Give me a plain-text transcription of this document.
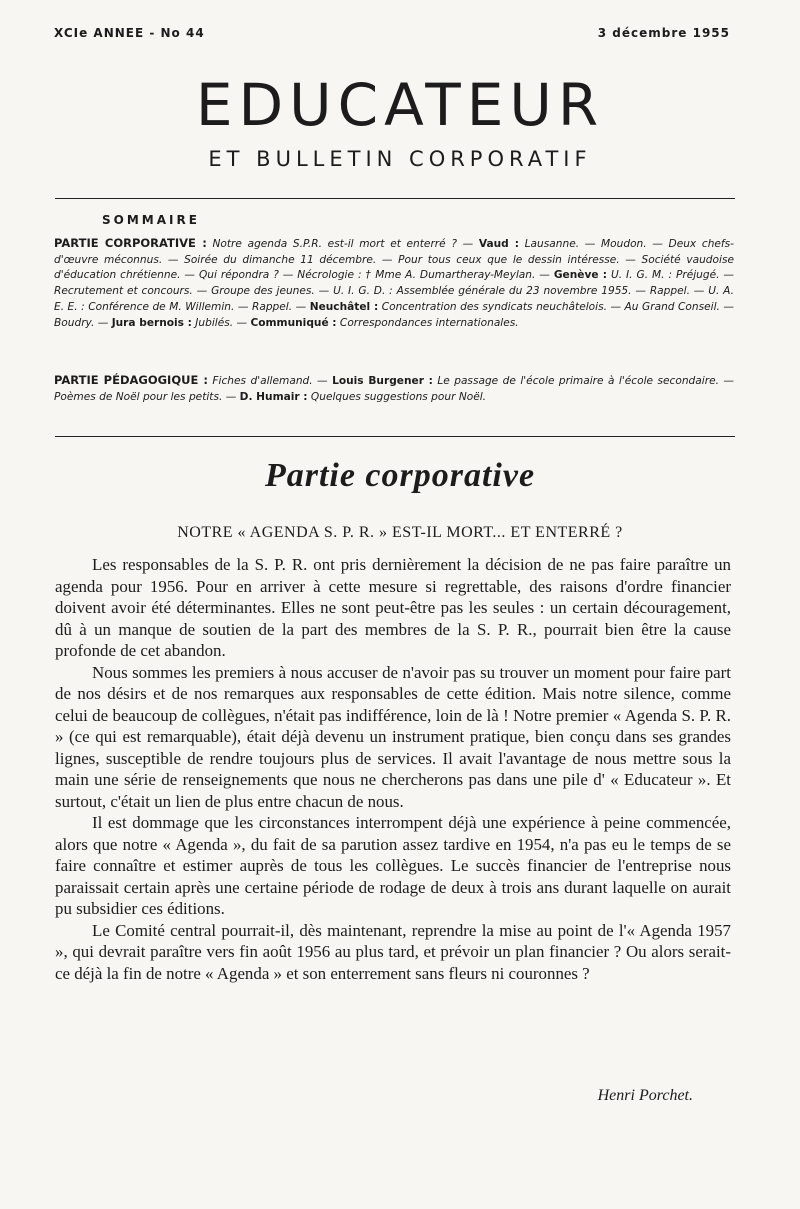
XCIe ANNEE - No 44	3 décembre 1955
EDUCATEUR
ET BULLETIN CORPORATIF
SOMMAIRE
PARTIE CORPORATIVE : Notre agenda S.P.R. est-il mort et enterré ? — Vaud : Lausanne. — Moudon. — Deux chefs-d'œuvre méconnus. — Soirée du dimanche 11 décembre. — Pour tous ceux que le dessin intéresse. — Société vaudoise d'éducation chrétienne. — Qui répondra ? — Nécrologie : † Mme A. Dumartheray-Meylan. — Genève : U. I. G. M. : Préjugé. — Recrutement et concours. — Groupe des jeunes. — U. I. G. D. : Assemblée générale du 23 novembre 1955. — Rappel. — U. A. E. E. : Conférence de M. Willemin. — Rappel. — Neuchâtel : Concentration des syndicats neuchâtelois. — Au Grand Conseil. — Boudry. — Jura bernois : Jubilés. — Communiqué : Correspondances internationales.
PARTIE PÉDAGOGIQUE : Fiches d'allemand. — Louis Burgener : Le passage de l'école primaire à l'école secondaire. — Poèmes de Noël pour les petits. — D. Humair : Quelques suggestions pour Noël.
Partie corporative
NOTRE « AGENDA S. P. R. » EST-IL MORT... ET ENTERRÉ ?

Les responsables de la S. P. R. ont pris dernièrement la décision de ne pas faire paraître un agenda pour 1956. Pour en arriver à cette mesure si regrettable, des raisons d'ordre financier doivent avoir été déterminantes. Elles ne sont peut-être pas les seules : un certain découragement, dû à un manque de soutien de la part des membres de la S. P. R., pourrait bien être la cause profonde de cet abandon.

Nous sommes les premiers à nous accuser de n'avoir pas su trouver un moment pour faire part de nos désirs et de nos remarques aux responsables de cette édition. Mais notre silence, comme celui de beaucoup de collègues, n'était pas indifférence, loin de là ! Notre premier « Agenda S. P. R. » (ce qui est remarquable), était déjà devenu un instrument pratique, bien conçu dans ses grandes lignes, susceptible de rendre toujours plus de services. Il avait l'avantage de nous mettre sous la main une série de renseignements que nous ne chercherons pas dans une pile d' « Educateur ». Et surtout, c'était un lien de plus entre chacun de nous.

Il est dommage que les circonstances interrompent déjà une expérience à peine commencée, alors que notre « Agenda », du fait de sa parution assez tardive en 1954, n'a pas eu le temps de se faire connaître et estimer auprès de tous les collègues. Le succès financier de l'entreprise nous paraissait certain après une certaine période de rodage de deux à trois ans durant laquelle on aurait pu subsidier ces éditions.

Le Comité central pourrait-il, dès maintenant, reprendre la mise au point de l'« Agenda 1957 », qui devrait paraître vers fin août 1956 au plus tard, et prévoir un plan financier ? Ou alors serait-ce déjà la fin de notre « Agenda » et son enterrement sans fleurs ni couronnes ?

Henri Porchet.
